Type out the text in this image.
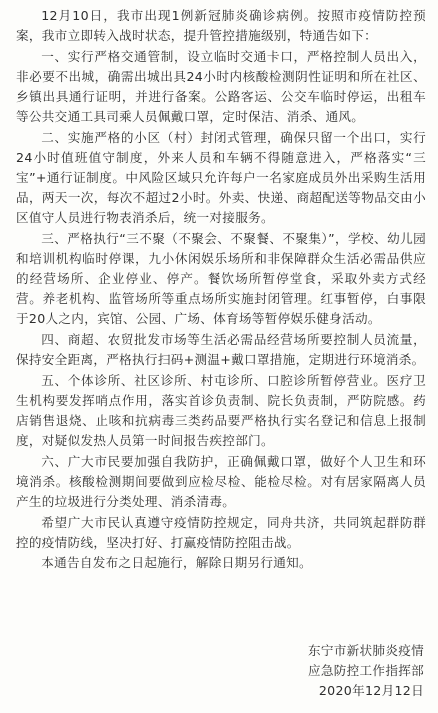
12月10日，我市出现1例新冠肺炎确诊病例。按照市疫情防控预案，我市立即转入战时状态，提升管控措施级别，特通告如下：

一、实行严格交通管制，设立临时交通卡口，严格控制人员出入，非必要不出城，确需出城出具24小时内核酸检测阴性证明和所在社区、乡镇出具通行证明，并进行备案。公路客运、公交车临时停运，出租车等公共交通工具司乘人员佩戴口罩，定时保洁、消杀、通风。

二、实施严格的小区（村）封闭式管理，确保只留一个出口，实行24小时值班值守制度，外来人员和车辆不得随意进入，严格落实“三宝”+通行证制度。中风险区域只允许每户一名家庭成员外出采购生活用品，两天一次，每次不超过2小时。外卖、快递、商超配送等物品交由小区值守人员进行物表消杀后，统一对接服务。

三、严格执行“三不聚（不聚会、不聚餐、不聚集）”，学校、幼儿园和培训机构临时停课，九小休闲娱乐场所和非保障群众生活必需品供应的经营场所、企业停业、停产。餐饮场所暂停堂食，采取外卖方式经营。养老机构、监管场所等重点场所实施封闭管理。红事暂停，白事限于20人之内，宾馆、公园、广场、体育场等暂停娱乐健身活动。

四、商超、农贸批发市场等生活必需品经营场所要控制人员流量，保持安全距离，严格执行扫码+测温+戴口罩措施，定期进行环境消杀。

五、个体诊所、社区诊所、村屯诊所、口腔诊所暂停营业。医疗卫生机构要发挥哨点作用，落实首诊负责制、院长负责制，严防院感。药店销售退烧、止咳和抗病毒三类药品要严格执行实名登记和信息上报制度，对疑似发热人员第一时间报告疾控部门。

六、广大市民要加强自我防护，正确佩戴口罩，做好个人卫生和环境消杀。核酸检测期间要做到应检尽检、能检尽检。对有居家隔离人员产生的垃圾进行分类处理、消杀清毒。

希望广大市民认真遵守疫情防控规定，同舟共济，共同筑起群防群控的疫情防线，坚决打好、打赢疫情防控阻击战。

本通告自发布之日起施行，解除日期另行通知。

东宁市新状肺炎疫情
应急防控工作指挥部
2020年12月12日
